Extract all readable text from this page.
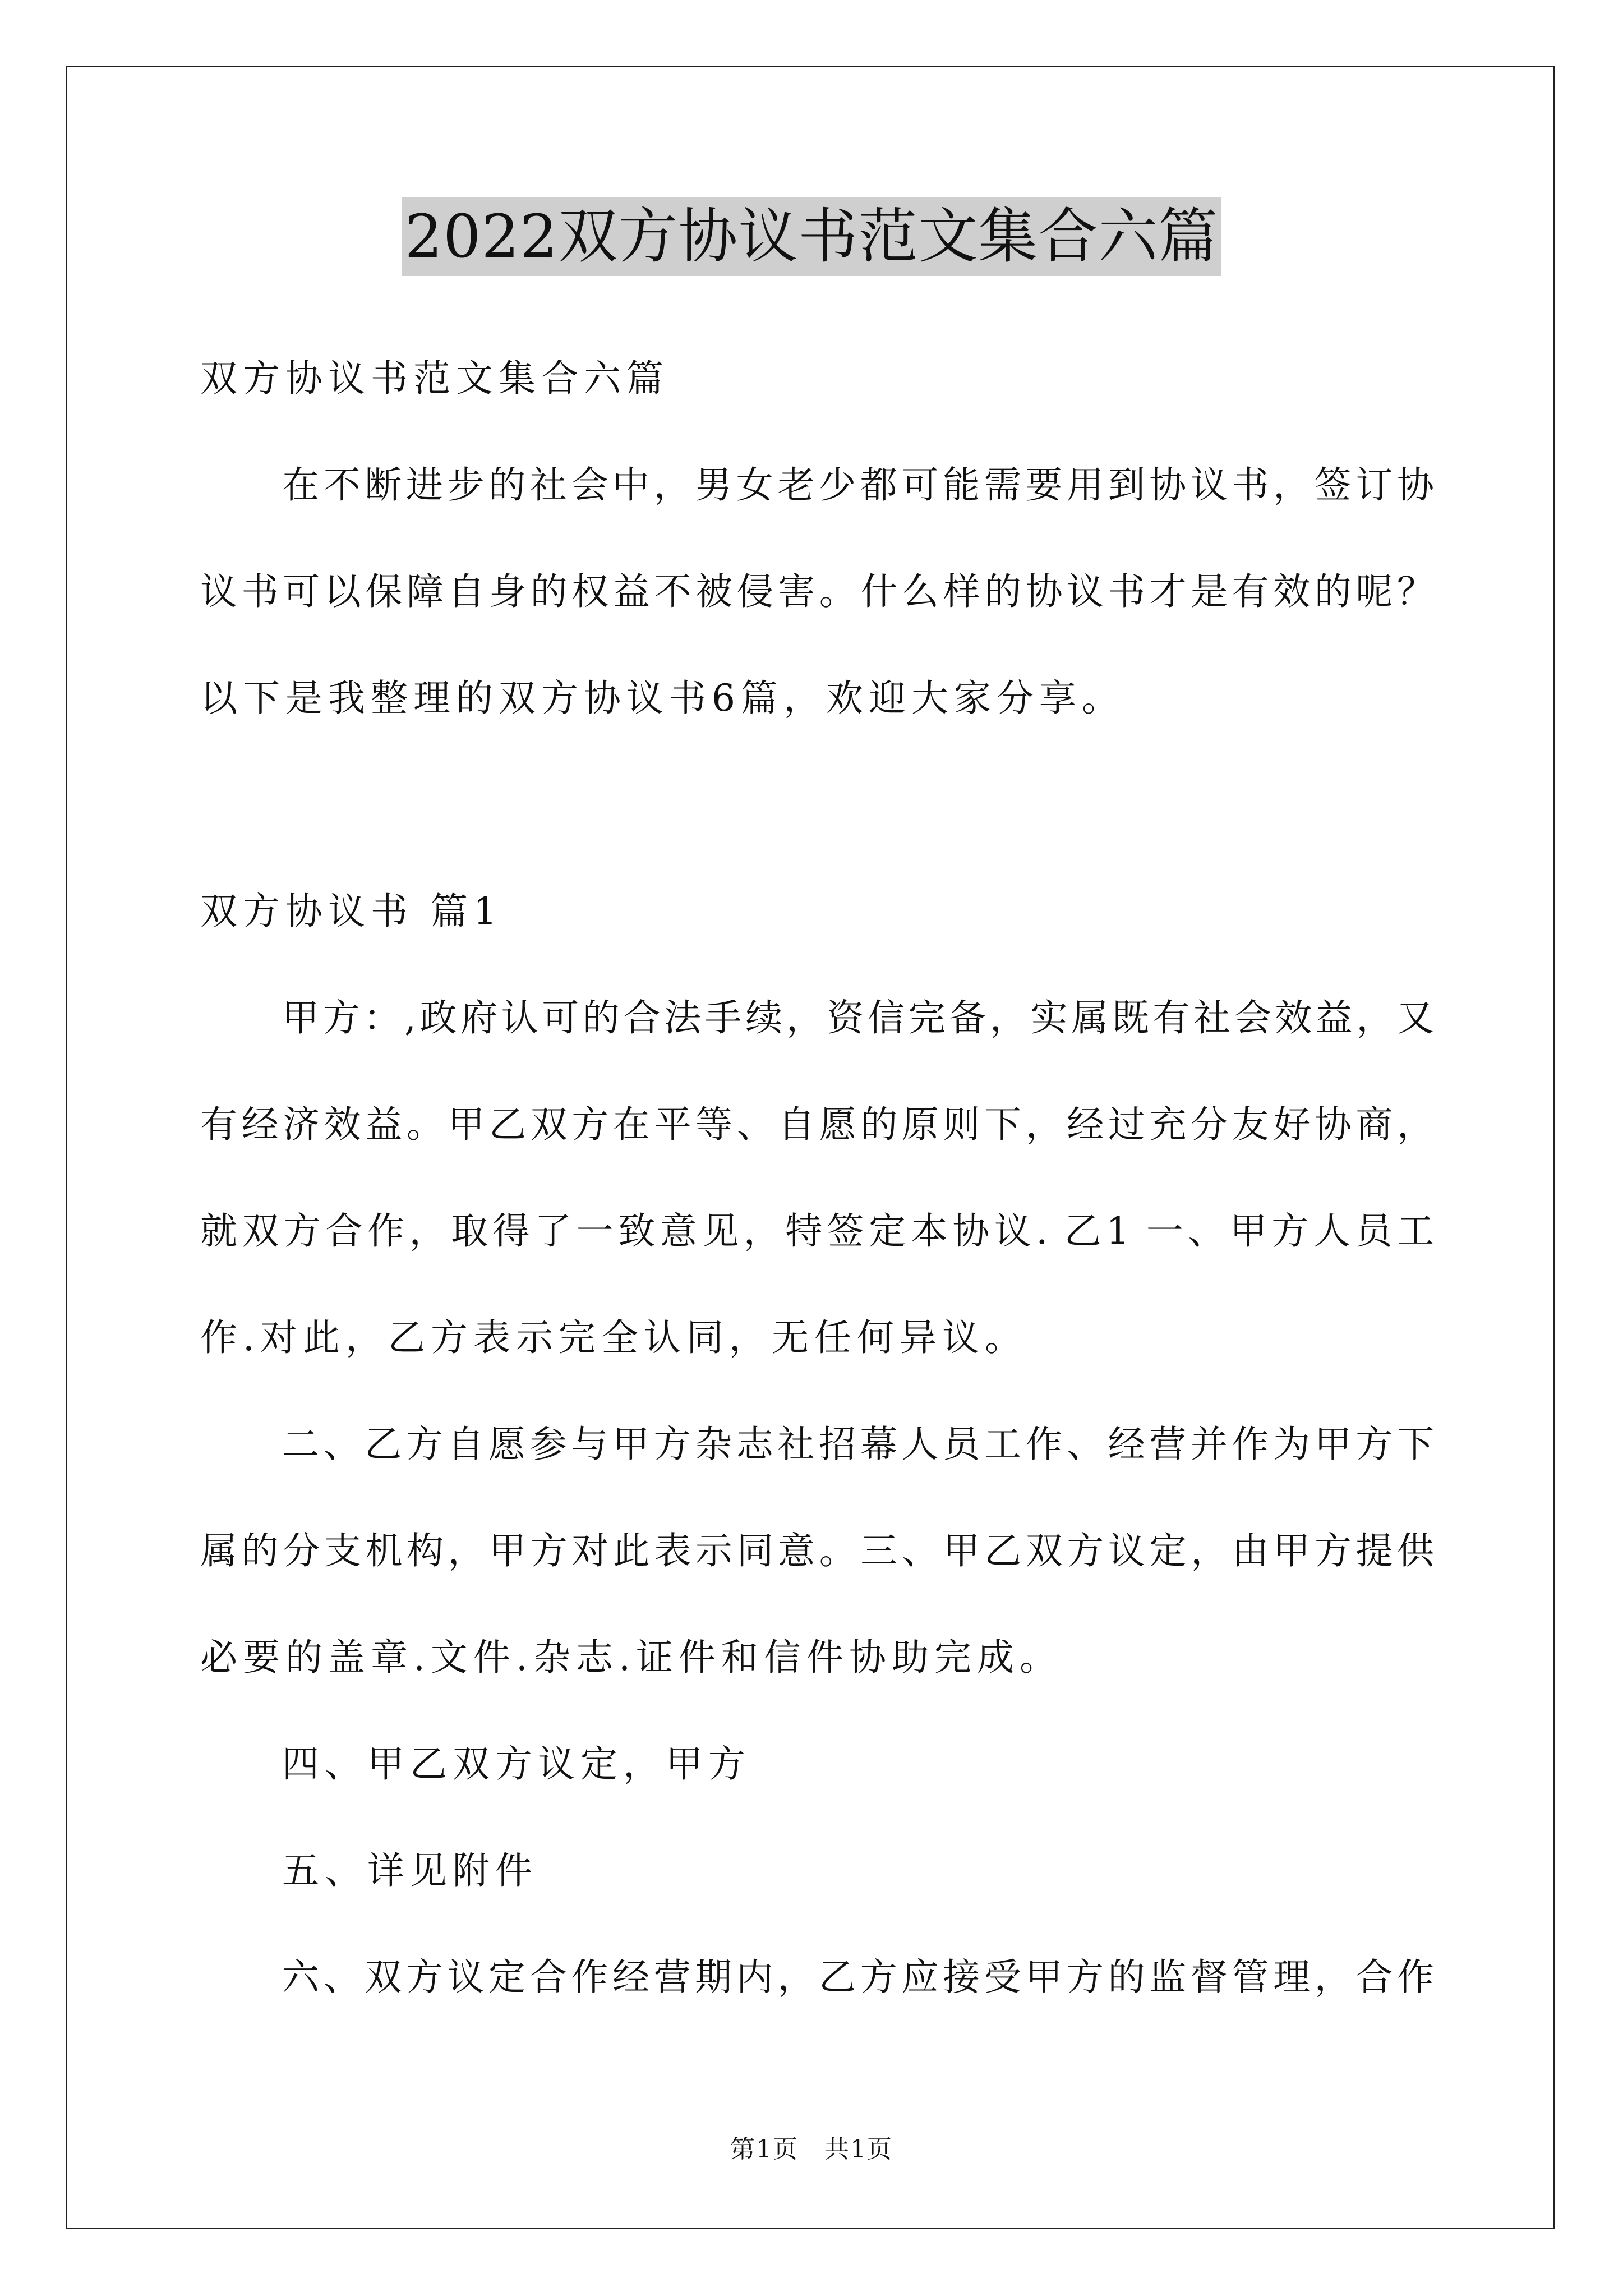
2022双方协议书范文集合六篇
双方协议书范文集合六篇
在不断进步的社会中，男女老少都可能需要用到协议书，签订协
议书可以保障自身的权益不被侵害。什么样的协议书才是有效的呢？
以下是我整理的双方协议书6篇，欢迎大家分享。
双方协议书 篇1
甲方：,政府认可的合法手续，资信完备，实属既有社会效益，又
有经济效益。甲乙双方在平等、自愿的原则下，经过充分友好协商，
就双方合作，取得了一致意见，特签定本协议. 乙1 一、甲方人员工
作.对此，乙方表示完全认同，无任何异议。
二、乙方自愿参与甲方杂志社招幕人员工作、经营并作为甲方下
属的分支机构，甲方对此表示同意。三、甲乙双方议定，由甲方提供
必要的盖章.文件.杂志.证件和信件协助完成。
四、甲乙双方议定，甲方
五、详见附件
六、双方议定合作经营期内，乙方应接受甲方的监督管理，合作
第1页　共1页
